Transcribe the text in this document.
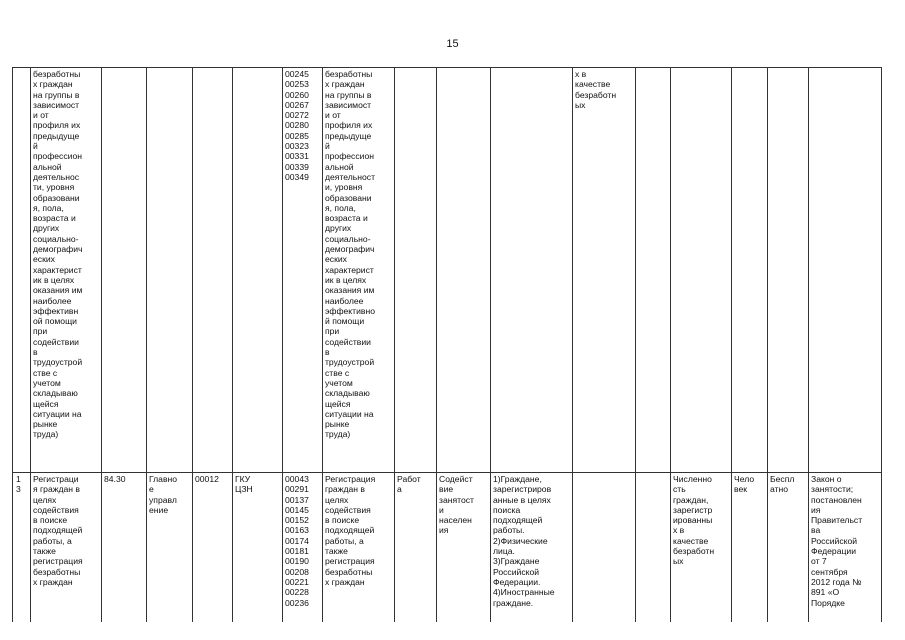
15
безработны
х граждан
на группы в
зависимост
и от
профиля их
предыдуще
й
профессион
альной
деятельнос
ти, уровня
образовани
я, пола,
возраста и
других
социально-
демографич
еских
характерист
ик в целях
оказания им
наиболее
эффективн
ой помощи
при
содействии
в
трудоустрой
стве с
учетом
складываю
щейся
ситуации на
рынке
труда)
00245
00253
00260
00267
00272
00280
00285
00323
00331
00339
00349
безработны
х граждан
на группы в
зависимост
и от
профиля их
предыдуще
й
профессион
альной
деятельност
и, уровня
образовани
я, пола,
возраста и
других
социально-
демографич
еских
характерист
ик в целях
оказания им
наиболее
эффективно
й помощи
при
содействии
в
трудоустрой
стве с
учетом
складываю
щейся
ситуации на
рынке
труда)
х в
качестве
безработн
ых
1
3
Регистраци
я граждан в
целях
содействия
в поиске
подходящей
работы, а
также
регистрация
безработны
х граждан
84.30	Главно
е
управл
ение
00012	ГКУ
ЦЗН
00043
00291
00137
00145
00152
00163
00174
00181
00190
00208
00221
00228
00236
Регистрация
граждан в
целях
содействия
в поиске
подходящей
работы, а
также
регистрация
безработны
х граждан
Работ
а
Содейст
вие
занятост
и
населен
ия
1)Граждане,
зарегистриров
анные в целях
поиска
подходящей
работы.
2)Физические
лица.
3)Граждане
Российской
Федерации.
4)Иностранные
граждане.
Численно
сть
граждан,
зарегистр
ированны
х в
качестве
безработн
ых
Чело
век
Беспл
атно
Закон о
занятости;
постановлен
ия
Правительст
ва
Российской
Федерации
от 7
сентября
2012 года №
891 «О
Порядке
